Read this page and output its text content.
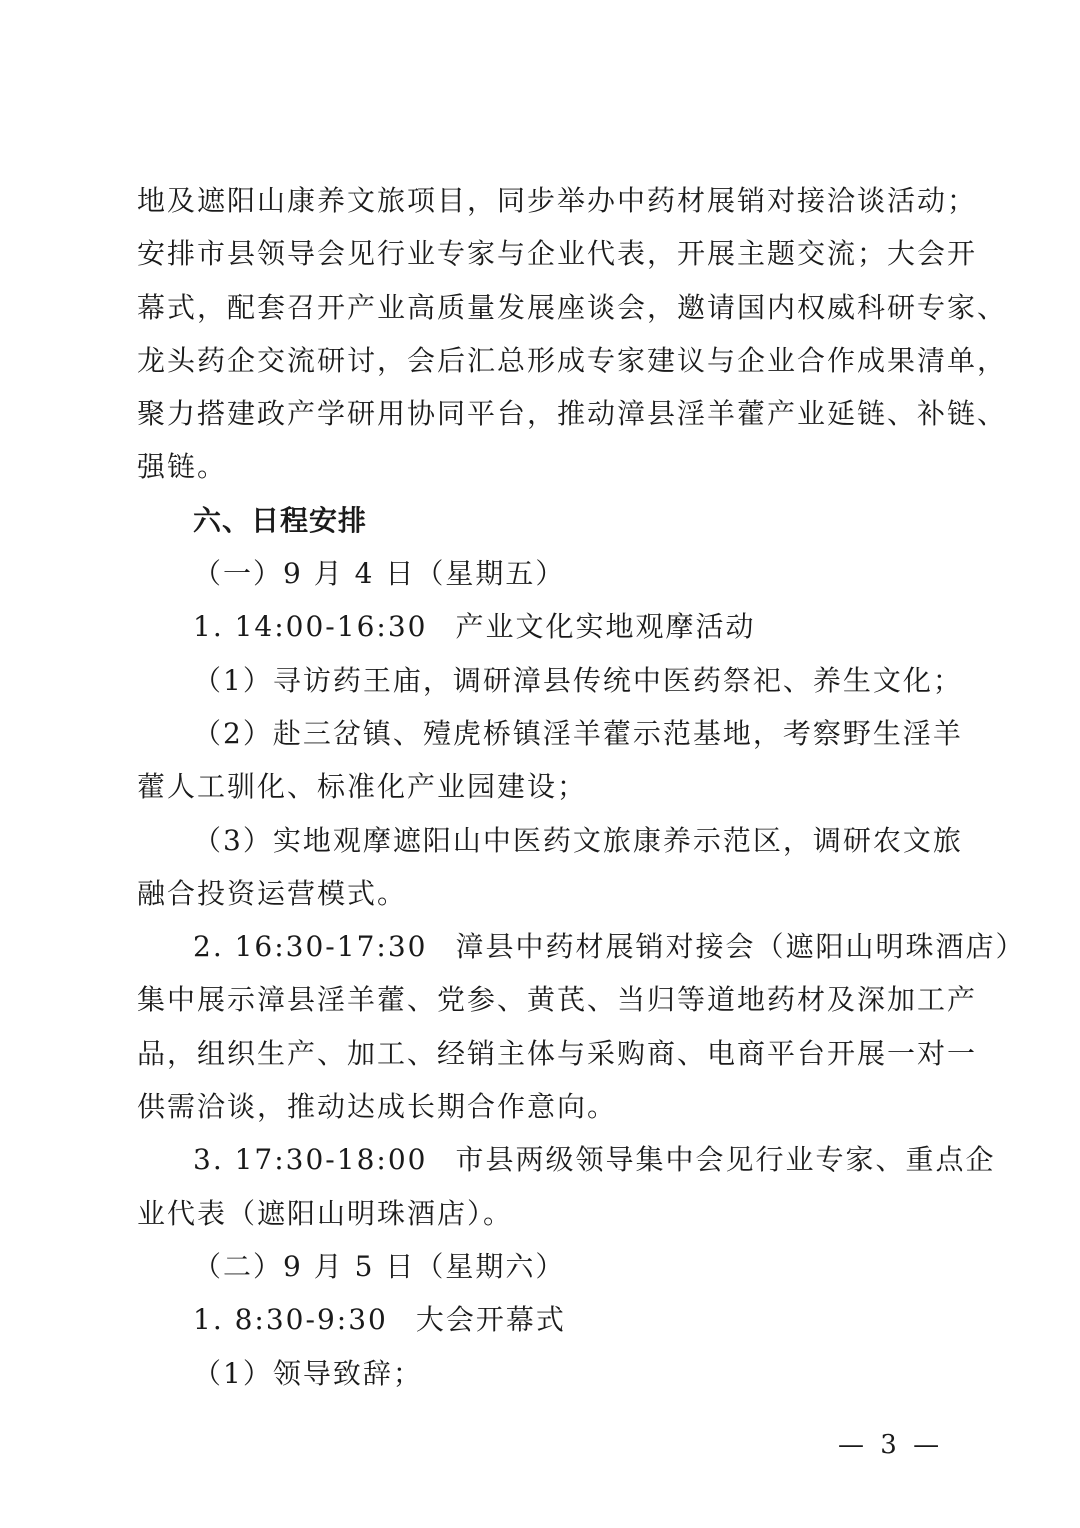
地及遮阳山康养文旅项目，同步举办中药材展销对接洽谈活动；
安排市县领导会见行业专家与企业代表，开展主题交流；大会开
幕式，配套召开产业高质量发展座谈会，邀请国内权威科研专家、
龙头药企交流研讨，会后汇总形成专家建议与企业合作成果清单，
聚力搭建政产学研用协同平台，推动漳县淫羊藿产业延链、补链、
强链。
六、日程安排
（一）9 月 4 日（星期五）
1. 14:00-16:30 产业文化实地观摩活动
（1）寻访药王庙，调研漳县传统中医药祭祀、养生文化；
（2）赴三岔镇、殪虎桥镇淫羊藿示范基地，考察野生淫羊
藿人工驯化、标准化产业园建设；
（3）实地观摩遮阳山中医药文旅康养示范区，调研农文旅
融合投资运营模式。
2. 16:30-17:30 漳县中药材展销对接会（遮阳山明珠酒店）
集中展示漳县淫羊藿、党参、黄芪、当归等道地药材及深加工产
品，组织生产、加工、经销主体与采购商、电商平台开展一对一
供需洽谈，推动达成长期合作意向。
3. 17:30-18:00 市县两级领导集中会见行业专家、重点企
业代表（遮阳山明珠酒店）。
（二）9 月 5 日（星期六）
1. 8:30-9:30 大会开幕式
（1）领导致辞；
— 3 —
